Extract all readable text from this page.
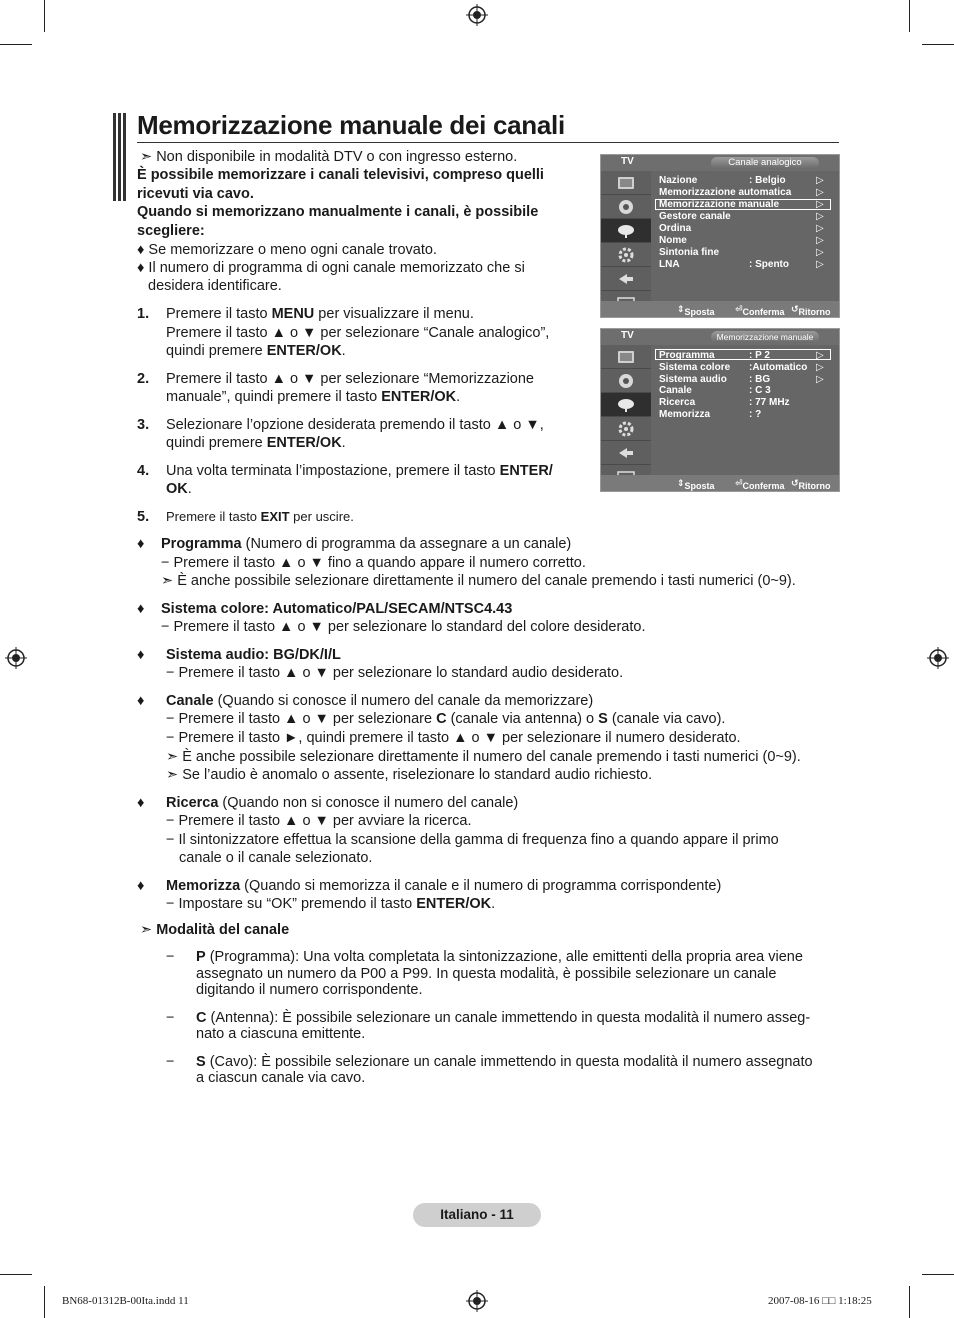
Memorizzazione manuale dei canali
➣ Non disponibile in modalità DTV o con ingresso esterno.
È possibile memorizzare i canali televisivi, compreso quelli
ricevuti via cavo.
Quando si memorizzano manualmente i canali, è possibile
scegliere:
♦ Se memorizzare o meno ogni canale trovato.
♦ Il numero di programma di ogni canale memorizzato che si
desidera identificare.
1. Premere il tasto MENU per visualizzare il menu.
Premere il tasto ▲ o ▼ per selezionare “Canale analogico”,
quindi premere ENTER/OK.
2. Premere il tasto ▲ o ▼ per selezionare “Memorizzazione
manuale”, quindi premere il tasto ENTER/OK.
3. Selezionare l’opzione desiderata premendo il tasto ▲ o ▼,
quindi premere ENTER/OK.
4. Una volta terminata l’impostazione, premere il tasto ENTER/
OK.
5. Premere il tasto EXIT per uscire.
♦ Programma (Numero di programma da assegnare a un canale)
− Premere il tasto ▲ o ▼ fino a quando appare il numero corretto.
➣ È anche possibile selezionare direttamente il numero del canale premendo i tasti numerici (0~9).
♦ Sistema colore: Automatico/PAL/SECAM/NTSC4.43
− Premere il tasto ▲ o ▼ per selezionare lo standard del colore desiderato.
♦ Sistema audio: BG/DK/I/L
− Premere il tasto ▲ o ▼ per selezionare lo standard audio desiderato.
♦ Canale (Quando si conosce il numero del canale da memorizzare)
− Premere il tasto ▲ o ▼ per selezionare C (canale via antenna) o S (canale via cavo).
− Premere il tasto ►, quindi premere il tasto ▲ o ▼ per selezionare il numero desiderato.
➣ È anche possibile selezionare direttamente il numero del canale premendo i tasti numerici (0~9).
➣ Se l’audio è anomalo o assente, riselezionare lo standard audio richiesto.
♦ Ricerca (Quando non si conosce il numero del canale)
− Premere il tasto ▲ o ▼ per avviare la ricerca.
− Il sintonizzatore effettua la scansione della gamma di frequenza fino a quando appare il primo
canale o il canale selezionato.
♦ Memorizza (Quando si memorizza il canale e il numero di programma corrispondente)
− Impostare su “OK” premendo il tasto ENTER/OK.
➣ Modalità del canale
− P (Programma): Una volta completata la sintonizzazione, alle emittenti della propria area viene
assegnato un numero da P00 a P99. In questa modalità, è possibile selezionare un canale
digitando il numero corrispondente.
− C (Antenna): È possibile selezionare un canale immettendo in questa modalità il numero asseg-
nato a ciascuna emittente.
− S (Cavo): È possibile selezionare un canale immettendo in questa modalità il numero assegnato
a ciascun canale via cavo.
TV	Canale analogico
Nazione	: Belgio	▷
Memorizzazione automatica ▷
Memorizzazione manuale	▷
Gestore canale	▷
Ordina	▷
Nome	▷
Sintonia fine	▷
LNA	: Spento	▷
⇕ Sposta ⏎ Conferma ↺ Ritorno
TV	Memorizzazione manuale
Programma	: P 2	▷
Sistema colore :Automatico ▷
Sistema audio : BG	▷
Canale	: C 3
Ricerca	: 77 MHz
Memorizza	: ?
⇕ Sposta ⏎ Conferma ↺ Ritorno
Italiano - 11
BN68-01312B-00Ita.indd 11	2007-08-16 □□ 1:18:25
